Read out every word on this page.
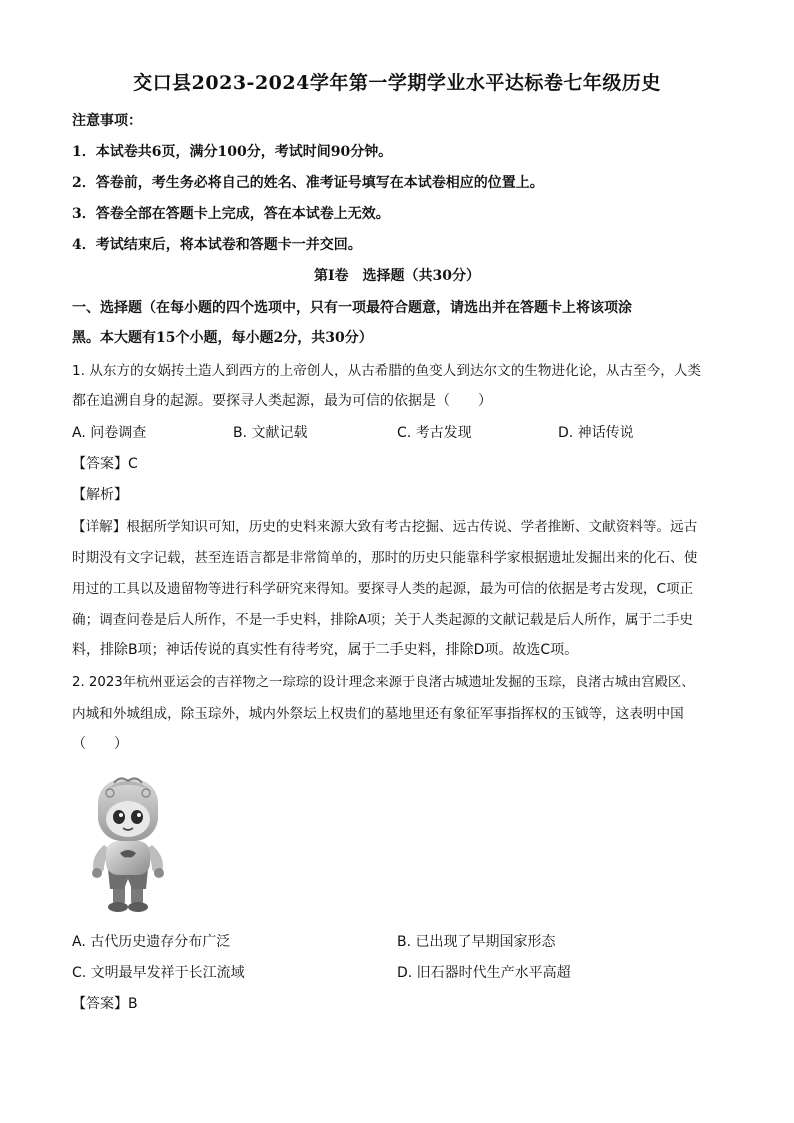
交口县2023-2024学年第一学期学业水平达标卷七年级历史
注意事项：
1．本试卷共6页，满分100分，考试时间90分钟。
2．答卷前，考生务必将自己的姓名、准考证号填写在本试卷相应的位置上。
3．答卷全部在答题卡上完成，答在本试卷上无效。
4．考试结束后，将本试卷和答题卡一并交回。
第Ⅰ卷　选择题（共30分）
一、选择题（在每小题的四个选项中，只有一项最符合题意，请选出并在答题卡上将该项涂
黑。本大题有15个小题，每小题2分，共30分）
1. 从东方的女娲抟土造人到西方的上帝创人，从古希腊的鱼变人到达尔文的生物进化论，从古至今，人类
都在追溯自身的起源。要探寻人类起源，最为可信的依据是（　　）
A. 问卷调查	B. 文献记载	C. 考古发现	D. 神话传说
【答案】C
【解析】
【详解】根据所学知识可知，历史的史料来源大致有考古挖掘、远古传说、学者推断、文献资料等。远古
时期没有文字记载，甚至连语言都是非常简单的，那时的历史只能靠科学家根据遗址发掘出来的化石、使
用过的工具以及遗留物等进行科学研究来得知。要探寻人类的起源，最为可信的依据是考古发现，C项正
确；调查问卷是后人所作，不是一手史料，排除A项；关于人类起源的文献记载是后人所作，属于二手史
料，排除B项；神话传说的真实性有待考究，属于二手史料，排除D项。故选C项。
2. 2023年杭州亚运会的吉祥物之一琮琮的设计理念来源于良渚古城遗址发掘的玉琮，良渚古城由宫殿区、
内城和外城组成，除玉琮外，城内外祭坛上权贵们的墓地里还有象征军事指挥权的玉钺等，这表明中国
（　　）
A. 古代历史遗存分布广泛	B. 已出现了早期国家形态
C. 文明最早发祥于长江流域	D. 旧石器时代生产水平高超
【答案】B
